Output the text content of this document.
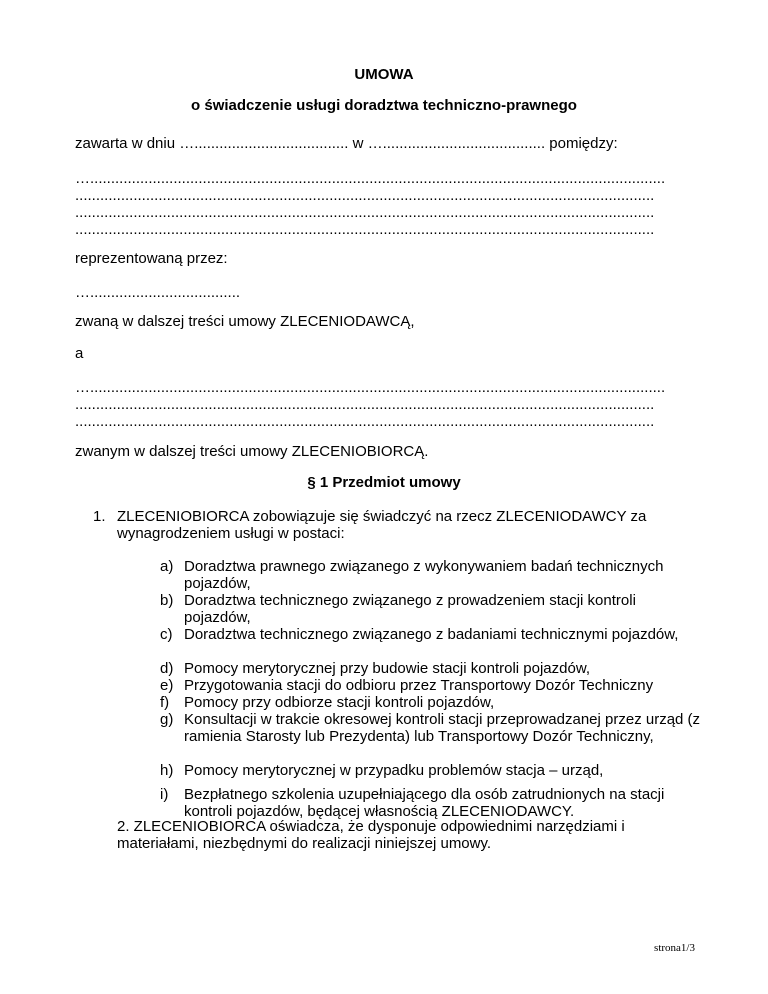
UMOWA
o świadczenie usługi doradztwa techniczno-prawnego
zawarta w dniu …..................................... w …....................................... pomiędzy:
…..........................................................................................................................................
...........................................................................................................................................
...........................................................................................................................................
...........................................................................................................................................
reprezentowaną przez:
…....................................
zwaną w dalszej treści umowy ZLECENIODAWCĄ,
a
…..........................................................................................................................................
...........................................................................................................................................
...........................................................................................................................................
zwanym w dalszej treści umowy ZLECENIOBIORCĄ.
§ 1 Przedmiot umowy
1. ZLECENIOBIORCA zobowiązuje się świadczyć na rzecz ZLECENIODAWCY za
wynagrodzeniem usługi w postaci:
a) Doradztwa prawnego związanego z wykonywaniem badań technicznych pojazdów,
b) Doradztwa technicznego związanego z prowadzeniem stacji kontroli pojazdów,
c) Doradztwa technicznego związanego z badaniami technicznymi pojazdów,
d) Pomocy merytorycznej przy budowie stacji kontroli pojazdów,
e) Przygotowania stacji do odbioru przez Transportowy Dozór Techniczny
f) Pomocy przy odbiorze stacji kontroli pojazdów,
g) Konsultacji w trakcie okresowej kontroli stacji przeprowadzanej przez urząd (z ramienia Starosty lub Prezydenta) lub Transportowy Dozór Techniczny,
h) Pomocy merytorycznej w przypadku problemów stacja – urząd,
i) Bezpłatnego szkolenia uzupełniającego dla osób zatrudnionych na stacji kontroli pojazdów, będącej własnością ZLECENIODAWCY.
2. ZLECENIOBIORCA oświadcza, że dysponuje odpowiednimi narzędziami i
materiałami, niezbędnymi do realizacji niniejszej umowy.
strona1/3
